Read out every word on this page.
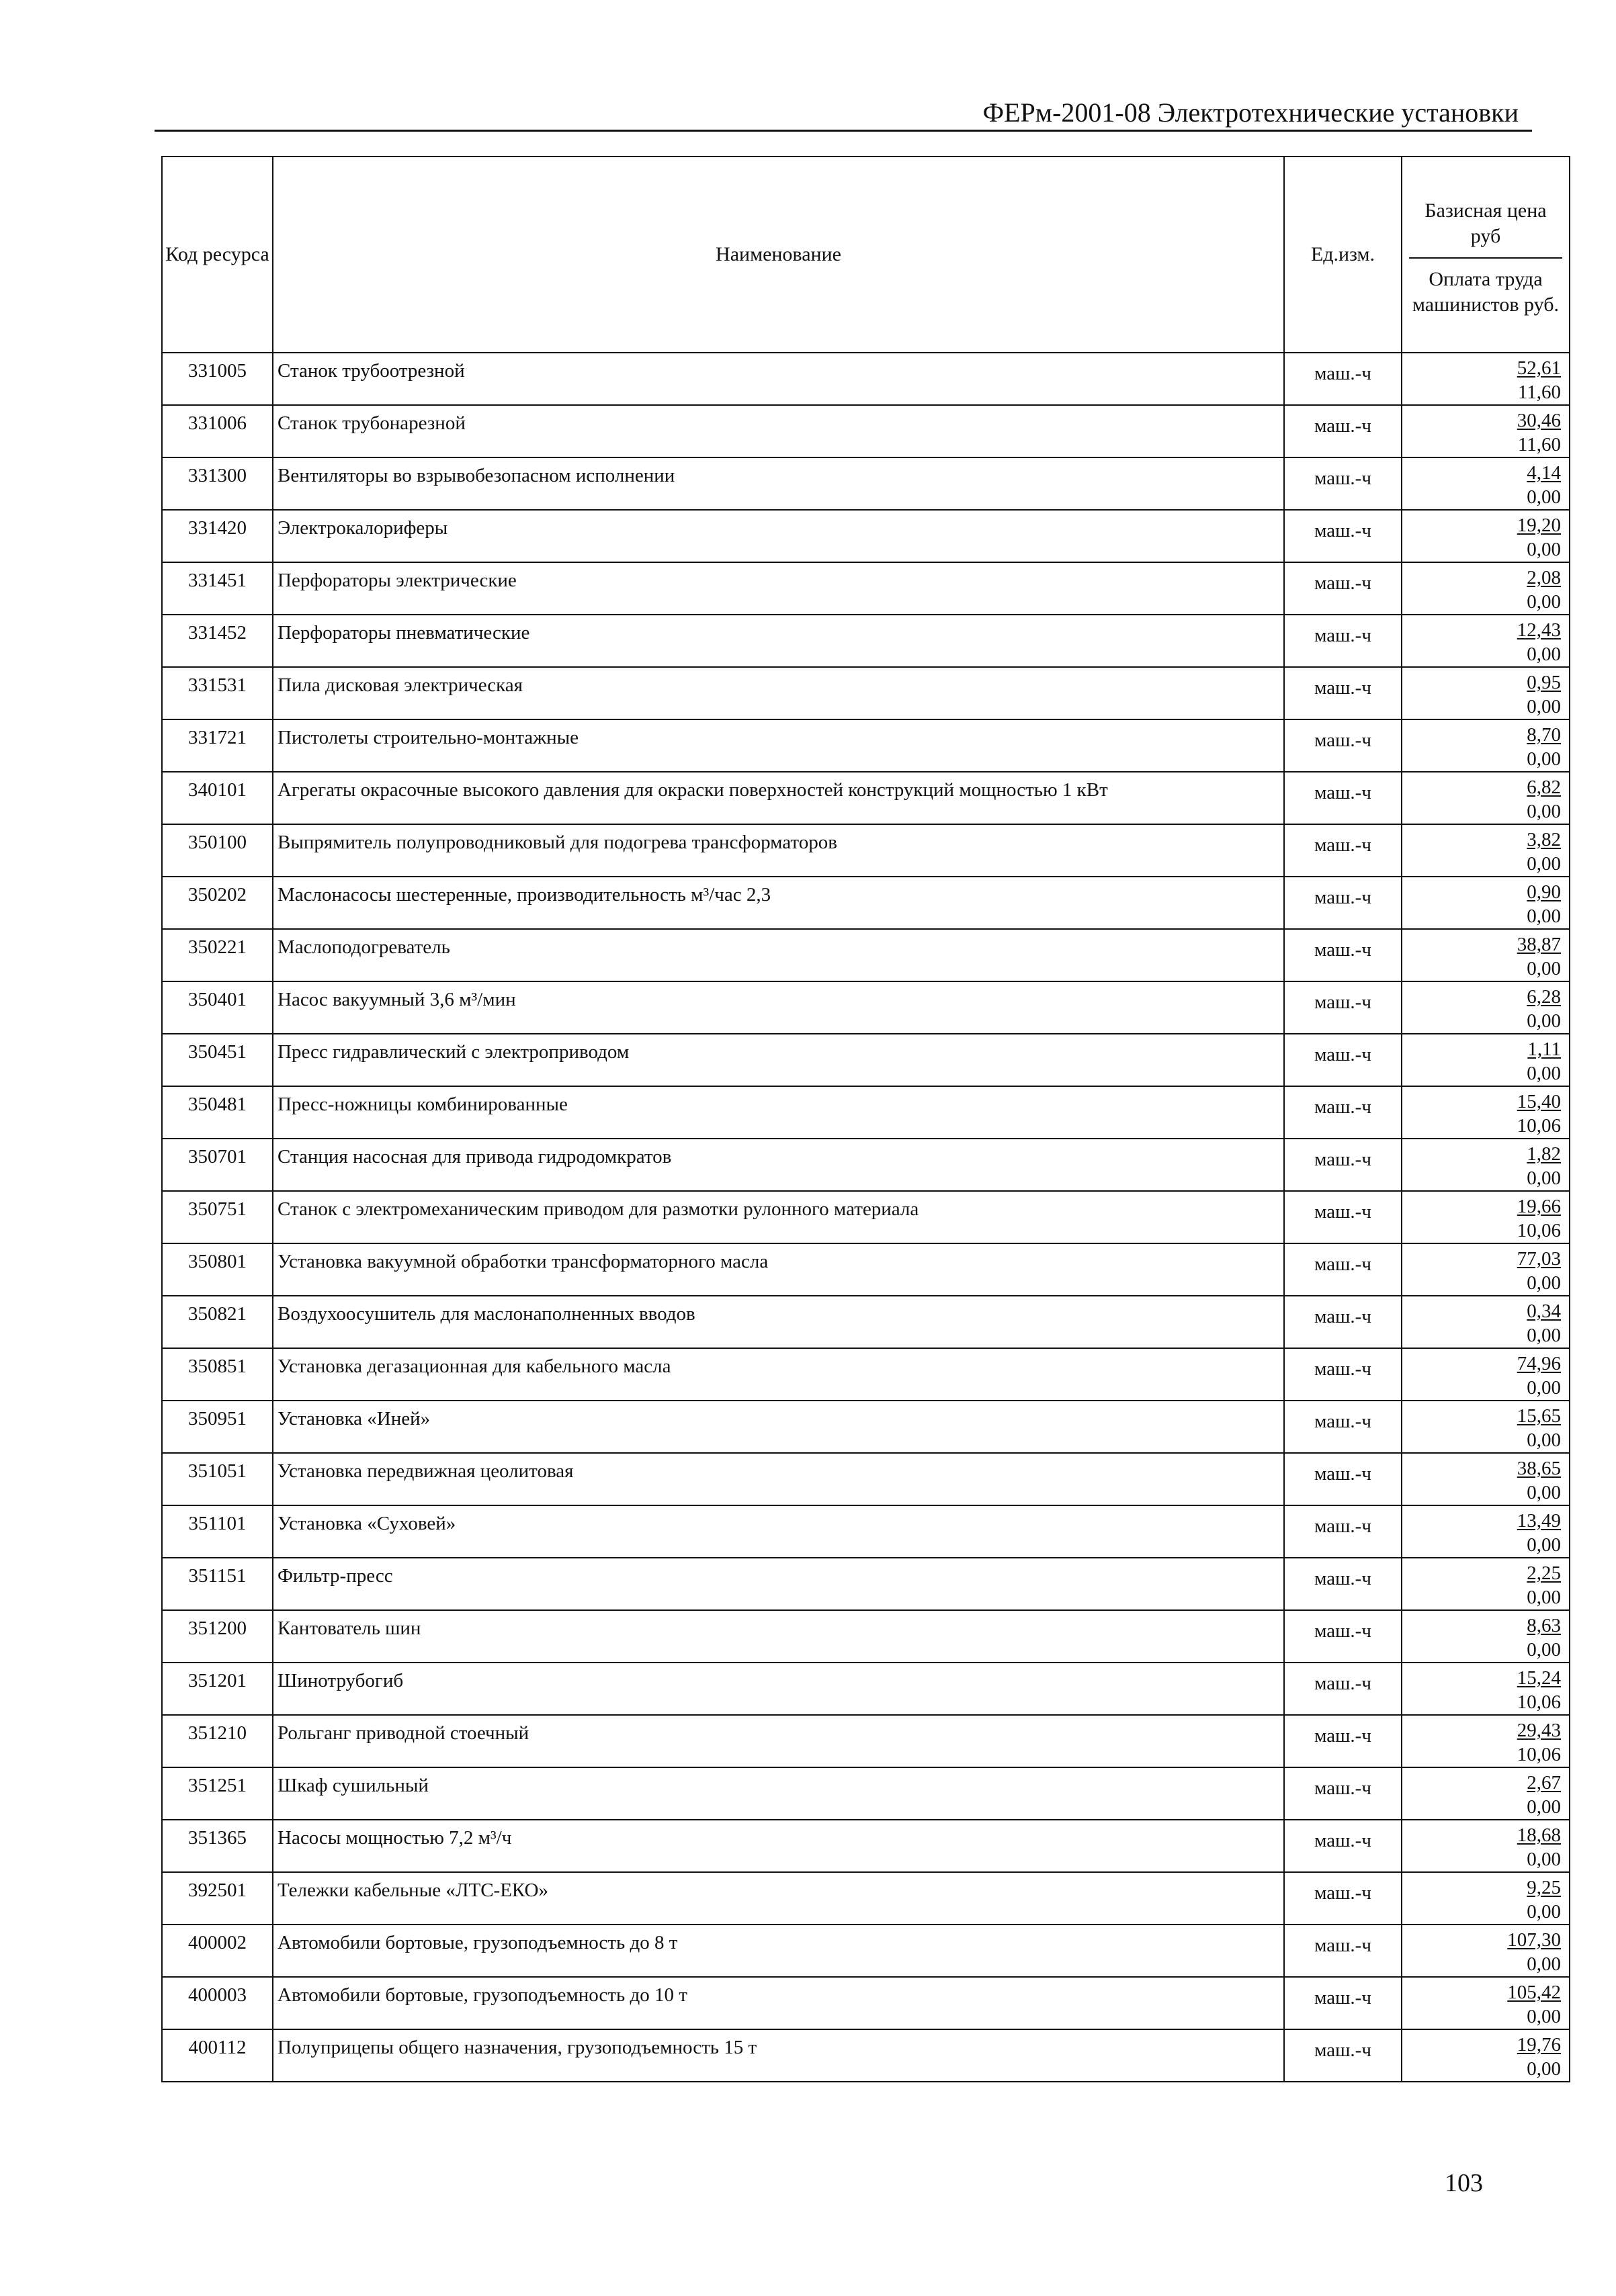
ФЕРм-2001-08 Электротехнические установки
Код ресурса	Наименование	Ед.изм.	Базисная цена руб
Оплата труда машинистов руб.

331005	Станок трубоотрезной	маш.-ч	52,61
11,60

331006	Станок трубонарезной	маш.-ч	30,46
11,60

331300	Вентиляторы во взрывобезопасном исполнении	маш.-ч	4,14
0,00

331420	Электрокалориферы	маш.-ч	19,20
0,00

331451	Перфораторы электрические	маш.-ч	2,08
0,00

331452	Перфораторы пневматические	маш.-ч	12,43
0,00

331531	Пила дисковая электрическая	маш.-ч	0,95
0,00

331721	Пистолеты строительно-монтажные	маш.-ч	8,70
0,00

340101	Агрегаты окрасочные высокого давления для окраски поверхностей конструкций мощностью 1 кВт	маш.-ч	6,82
0,00

350100	Выпрямитель полупроводниковый для подогрева трансформаторов	маш.-ч	3,82
0,00

350202	Маслонасосы шестеренные, производительность м³/час 2,3	маш.-ч	0,90
0,00

350221	Маслоподогреватель	маш.-ч	38,87
0,00

350401	Насос вакуумный 3,6 м³/мин	маш.-ч	6,28
0,00

350451	Пресс гидравлический с электроприводом	маш.-ч	1,11
0,00

350481	Пресс-ножницы комбинированные	маш.-ч	15,40
10,06

350701	Станция насосная для привода гидродомкратов	маш.-ч	1,82
0,00

350751	Станок с электромеханическим приводом для размотки рулонного материала	маш.-ч	19,66
10,06

350801	Установка вакуумной обработки трансформаторного масла	маш.-ч	77,03
0,00

350821	Воздухоосушитель для маслонаполненных вводов	маш.-ч	0,34
0,00

350851	Установка дегазационная для кабельного масла	маш.-ч	74,96
0,00

350951	Установка «Иней»	маш.-ч	15,65
0,00

351051	Установка передвижная цеолитовая	маш.-ч	38,65
0,00

351101	Установка «Суховей»	маш.-ч	13,49
0,00

351151	Фильтр-пресс	маш.-ч	2,25
0,00

351200	Кантователь шин	маш.-ч	8,63
0,00

351201	Шинотрубогиб	маш.-ч	15,24
10,06

351210	Рольганг приводной стоечный	маш.-ч	29,43
10,06

351251	Шкаф сушильный	маш.-ч	2,67
0,00

351365	Насосы мощностью 7,2 м³/ч	маш.-ч	18,68
0,00

392501	Тележки кабельные «ЛТС-ЕКО»	маш.-ч	9,25
0,00

400002	Автомобили бортовые, грузоподъемность до 8 т	маш.-ч	107,30
0,00

400003	Автомобили бортовые, грузоподъемность до 10 т	маш.-ч	105,42
0,00

400112	Полуприцепы общего назначения, грузоподъемность 15 т	маш.-ч	19,76
0,00
103
